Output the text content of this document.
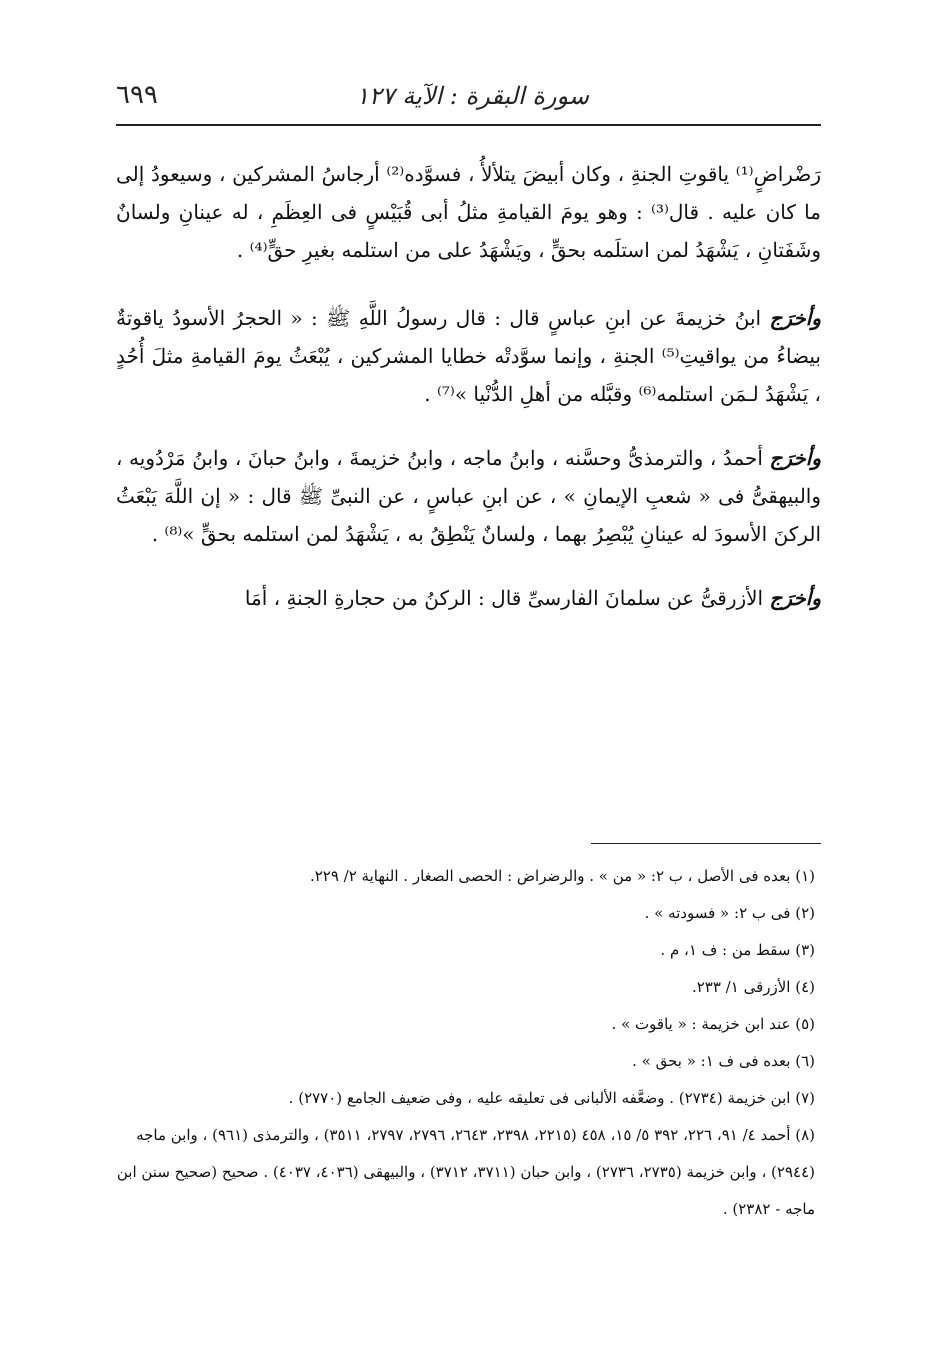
سورة البقرة : الآية ١٢٧
٦٩٩

رَضْراضٍ⁽¹⁾ ياقوتِ الجنةِ ، وكان أبيضَ يتلألأُ ، فسوَّده⁽²⁾ أرجاسُ المشركين ، وسيعودُ إلى ما كان عليه . قال⁽³⁾ : وهو يومَ القيامةِ مثلُ أبى قُبَيْسٍ فى العِظَمِ ، له عينانِ ولسانٌ وشَفَتانِ ، يَشْهَدُ لمن استلَمه بحقٍّ ، ويَشْهَدُ على من استلمه بغيرِ حقٍّ⁽⁴⁾ .

وأخرَج ابنُ خزيمةَ عن ابنِ عباسٍ قال : قال رسولُ اللَّهِ ﷺ : « الحجرُ الأسودُ ياقوتةٌ بيضاءُ من يواقيتِ⁽⁵⁾ الجنةِ ، وإنما سوَّدتْه خطايا المشركين ، يُبْعَثُ يومَ القيامةِ مثلَ أُحُدٍ ، يَشْهَدُ لـمَن استلمه⁽⁶⁾ وقبَّله من أهلِ الدُّنْيا »⁽⁷⁾ .

وأخرَج أحمدُ ، والترمذىُّ وحسَّنه ، وابنُ ماجه ، وابنُ خزيمةَ ، وابنُ حبانَ ، وابنُ مَرْدُويه ، والبيهقىُّ فى « شعبِ الإيمانِ » ، عن ابنِ عباسٍ ، عن النبىِّ ﷺ قال : « إن اللَّهَ يَبْعَثُ الركنَ الأسودَ له عينانِ يُبْصِرُ بهما ، ولسانٌ يَنْطِقُ به ، يَشْهَدُ لمن استلمه بحقٍّ »⁽⁸⁾ .

وأخرَج الأزرقىُّ عن سلمانَ الفارسىِّ قال : الركنُ من حجارةِ الجنةِ ، أمَا

(١) بعده فى الأصل ، ب ٢: « من » . والرضراض : الحصى الصغار . النهاية ٢/ ٢٢٩.

(٢) فى ب ٢: « فسودته » .

(٣) سقط من : ف ١، م .

(٤) الأزرقى ١/ ٢٣٣.

(٥) عند ابن خزيمة : « ياقوت » .

(٦) بعده فى ف ١: « بحق » .

(٧) ابن خزيمة (٢٧٣٤) . وضعَّفه الألبانى فى تعليقه عليه ، وفى ضعيف الجامع (٢٧٧٠) .

(٨) أحمد ٤/ ٩١، ٢٢٦، ٣٩٢ ٥/ ١٥، ٤٥٨ (٢٢١٥، ٢٣٩٨، ٢٦٤٣، ٢٧٩٦، ٢٧٩٧، ٣٥١١) ، والترمذى (٩٦١) ، وابن ماجه (٢٩٤٤) ، وابن خزيمة (٢٧٣٥، ٢٧٣٦) ، وابن حبان (٣٧١١، ٣٧١٢) ، والبيهقى (٤٠٣٦، ٤٠٣٧) . صحيح (صحيح سنن ابن ماجه - ٢٣٨٢) .
